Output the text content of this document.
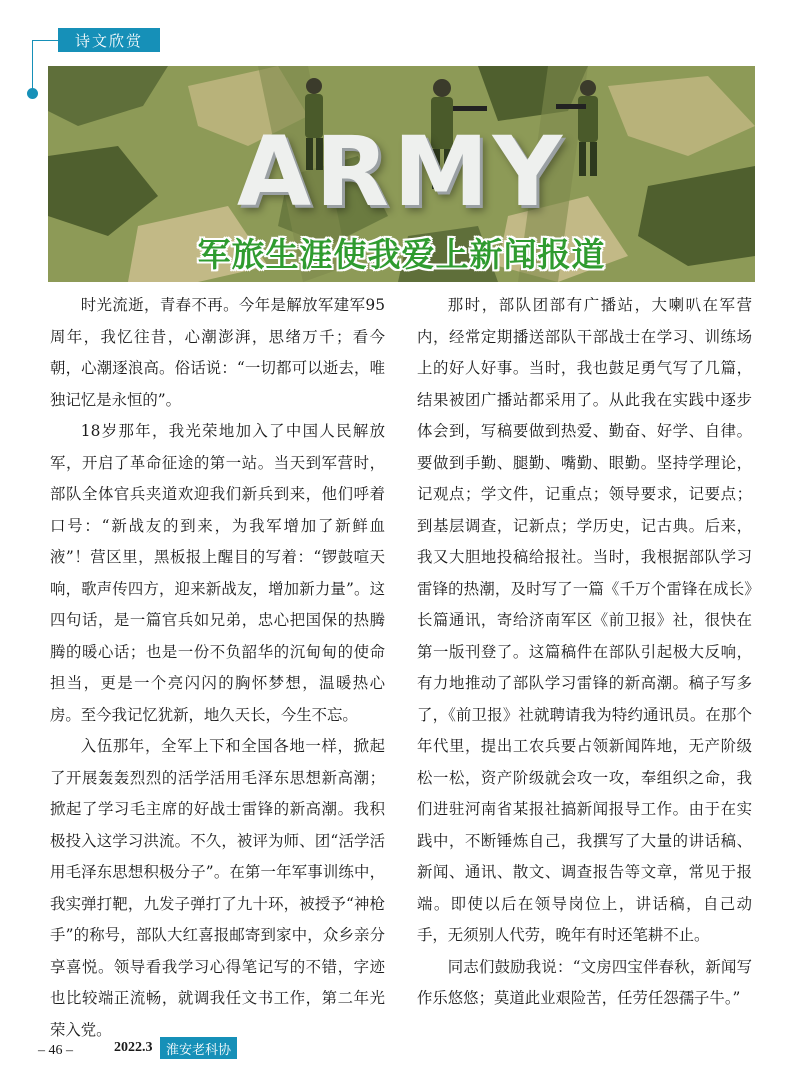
诗文欣赏
ARMY
军旅生涯使我爱上新闻报道

时光流逝，青春不再。今年是解放军建军95周年，我忆往昔，心潮澎湃，思绪万千；看今朝，心潮逐浪高。俗话说：“一切都可以逝去，唯独记忆是永恒的”。

18岁那年，我光荣地加入了中国人民解放军，开启了革命征途的第一站。当天到军营时，部队全体官兵夹道欢迎我们新兵到来，他们呼着口号：“新战友的到来，为我军增加了新鲜血液”！营区里，黑板报上醒目的写着：“锣鼓喧天响，歌声传四方，迎来新战友，增加新力量”。这四句话，是一篇官兵如兄弟，忠心把国保的热腾腾的暖心话；也是一份不负韶华的沉甸甸的使命担当，更是一个亮闪闪的胸怀梦想，温暖热心房。至今我记忆犹新，地久天长，今生不忘。

入伍那年，全军上下和全国各地一样，掀起了开展轰轰烈烈的活学活用毛泽东思想新高潮；掀起了学习毛主席的好战士雷锋的新高潮。我积极投入这学习洪流。不久，被评为师、团“活学活用毛泽东思想积极分子”。在第一年军事训练中，我实弹打靶，九发子弹打了九十环，被授予“神枪手”的称号，部队大红喜报邮寄到家中，众乡亲分享喜悦。领导看我学习心得笔记写的不错，字迹也比较端正流畅，就调我任文书工作，第二年光荣入党。

那时，部队团部有广播站，大喇叭在军营内，经常定期播送部队干部战士在学习、训练场上的好人好事。当时，我也鼓足勇气写了几篇，结果被团广播站都采用了。从此我在实践中逐步体会到，写稿要做到热爱、勤奋、好学、自律。要做到手勤、腿勤、嘴勤、眼勤。坚持学理论，记观点；学文件，记重点；领导要求，记要点；到基层调查，记新点；学历史，记古典。后来，我又大胆地投稿给报社。当时，我根据部队学习雷锋的热潮，及时写了一篇《千万个雷锋在成长》长篇通讯，寄给济南军区《前卫报》社，很快在第一版刊登了。这篇稿件在部队引起极大反响，有力地推动了部队学习雷锋的新高潮。稿子写多了，《前卫报》社就聘请我为特约通讯员。在那个年代里，提出工农兵要占领新闻阵地，无产阶级松一松，资产阶级就会攻一攻，奉组织之命，我们进驻河南省某报社搞新闻报导工作。由于在实践中，不断锤炼自己，我撰写了大量的讲话稿、新闻、通讯、散文、调查报告等文章，常见于报端。即使以后在领导岗位上，讲话稿，自己动手，无须别人代劳，晚年有时还笔耕不止。

同志们鼓励我说：“文房四宝伴春秋，新闻写作乐悠悠；莫道此业艰险苦，任劳任怨孺子牛。”

– 46 –	2022.3	淮安老科协
